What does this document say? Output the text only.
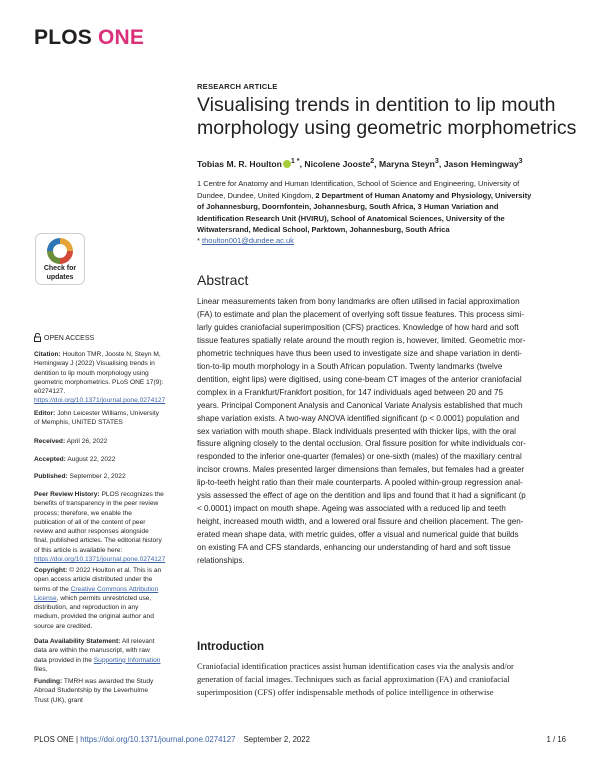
PLOS ONE
RESEARCH ARTICLE
Visualising trends in dentition to lip mouth morphology using geometric morphometrics
Tobias M. R. Houlton $^{1 *}$, Nicolene Jooste$^2$, Maryna Steyn$^3$, Jason Hemingway$^3$
1 Centre for Anatomy and Human Identification, School of Science and Engineering, University of Dundee, Dundee, United Kingdom, 2 Department of Human Anatomy and Physiology, University of Johannesburg, Doornfontein, Johannesburg, South Africa, 3 Human Variation and Identification Research Unit (HVIRU), School of Anatomical Sciences, University of the Witwatersrand, Medical School, Parktown, Johannesburg, South Africa
* thoulton001@dundee.ac.uk
Abstract
Linear measurements taken from bony landmarks are often utilised in facial approximation
(FA) to estimate and plan the placement of overlying soft tissue features. This process simi-
larly guides craniofacial superimposition (CFS) practices. Knowledge of how hard and soft
tissue features spatially relate around the mouth region is, however, limited. Geometric mor-
phometric techniques have thus been used to investigate size and shape variation in denti-
tion-to-lip mouth morphology in a South African population. Twenty landmarks (twelve
dentition, eight lips) were digitised, using cone-beam CT images of the anterior craniofacial
complex in a Frankfurt/Frankfort position, for 147 individuals aged between 20 and 75
years. Principal Component Analysis and Canonical Variate Analysis established that much
shape variation exists. A two-way ANOVA identified significant (p < 0.0001) population and
sex variation with mouth shape. Black individuals presented with thicker lips, with the oral
fissure aligning closely to the dental occlusion. Oral fissure position for white individuals cor-
responded to the inferior one-quarter (females) or one-sixth (males) of the maxillary central
incisor crowns. Males presented larger dimensions than females, but females had a greater
lip-to-teeth height ratio than their male counterparts. A pooled within-group regression anal-
ysis assessed the effect of age on the dentition and lips and found that it had a significant (p
< 0.0001) impact on mouth shape. Ageing was associated with a reduced lip and teeth
height, increased mouth width, and a lowered oral fissure and cheilion placement. The gen-
erated mean shape data, with metric guides, offer a visual and numerical guide that builds
on existing FA and CFS standards, enhancing our understanding of hard and soft tissue
relationships.
Introduction
Craniofacial identification practices assist human identification cases via the analysis and/or
generation of facial images. Techniques such as facial approximation (FA) and craniofacial
superimposition (CFS) offer indispensable methods of police intelligence in otherwise
Check for
updates
OPEN ACCESS
Citation: Houlton TMR, Jooste N, Steyn M, Hemingway J (2022) Visualising trends in dentition to lip mouth morphology using geometric morphometrics. PLoS ONE 17(9): e0274127. https://doi.org/10.1371/journal.pone.0274127
Editor: John Leicester Williams, University of Memphis, UNITED STATES
Received: April 26, 2022
Accepted: August 22, 2022
Published: September 2, 2022
Peer Review History: PLOS recognizes the benefits of transparency in the peer review process; therefore, we enable the publication of all of the content of peer review and author responses alongside final, published articles. The editorial history of this article is available here: https://doi.org/10.1371/journal.pone.0274127
Copyright: © 2022 Houlton et al. This is an open access article distributed under the terms of the Creative Commons Attribution License, which permits unrestricted use, distribution, and reproduction in any medium, provided the original author and source are credited.
Data Availability Statement: All relevant data are within the manuscript, with raw data provided in the Supporting Information files.
Funding: TMRH was awarded the Study Abroad Studentship by the Leverhulme Trust (UK), grant
PLOS ONE | https://doi.org/10.1371/journal.pone.0274127 September 2, 2022	1 / 16
